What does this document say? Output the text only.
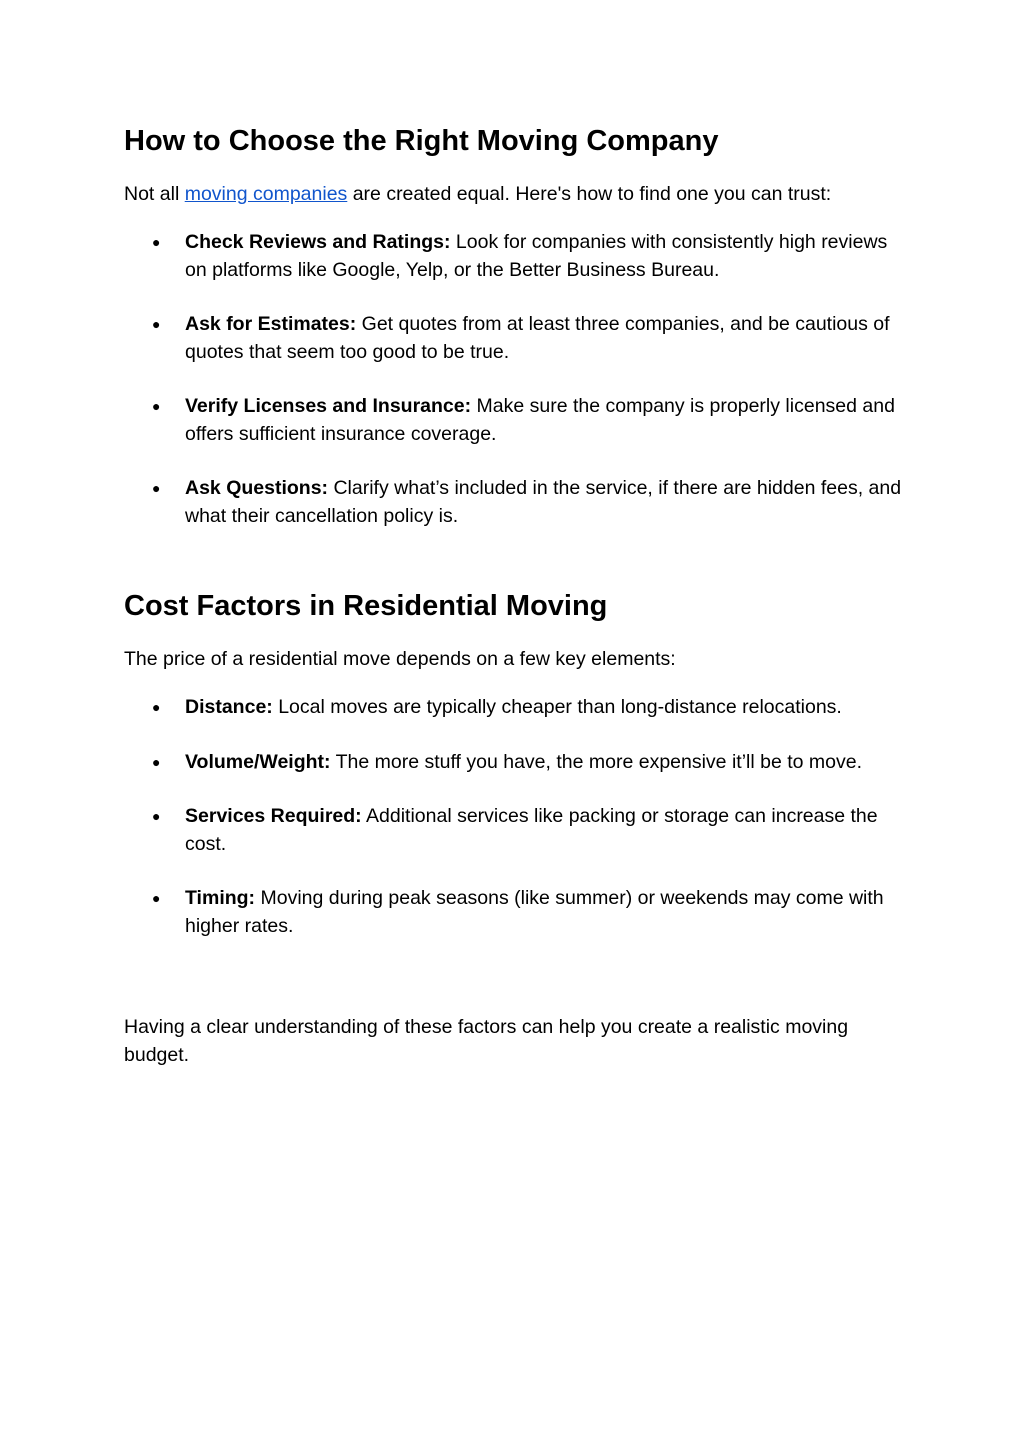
How to Choose the Right Moving Company

Not all moving companies are created equal. Here's how to find one you can trust:

● Check Reviews and Ratings: Look for companies with consistently high reviews on platforms like Google, Yelp, or the Better Business Bureau.
● Ask for Estimates: Get quotes from at least three companies, and be cautious of quotes that seem too good to be true.
● Verify Licenses and Insurance: Make sure the company is properly licensed and offers sufficient insurance coverage.
● Ask Questions: Clarify what’s included in the service, if there are hidden fees, and what their cancellation policy is.
Cost Factors in Residential Moving

The price of a residential move depends on a few key elements:

● Distance: Local moves are typically cheaper than long-distance relocations.
● Volume/Weight: The more stuff you have, the more expensive it’ll be to move.
● Services Required: Additional services like packing or storage can increase the cost.
● Timing: Moving during peak seasons (like summer) or weekends may come with higher rates.

Having a clear understanding of these factors can help you create a realistic moving budget.
